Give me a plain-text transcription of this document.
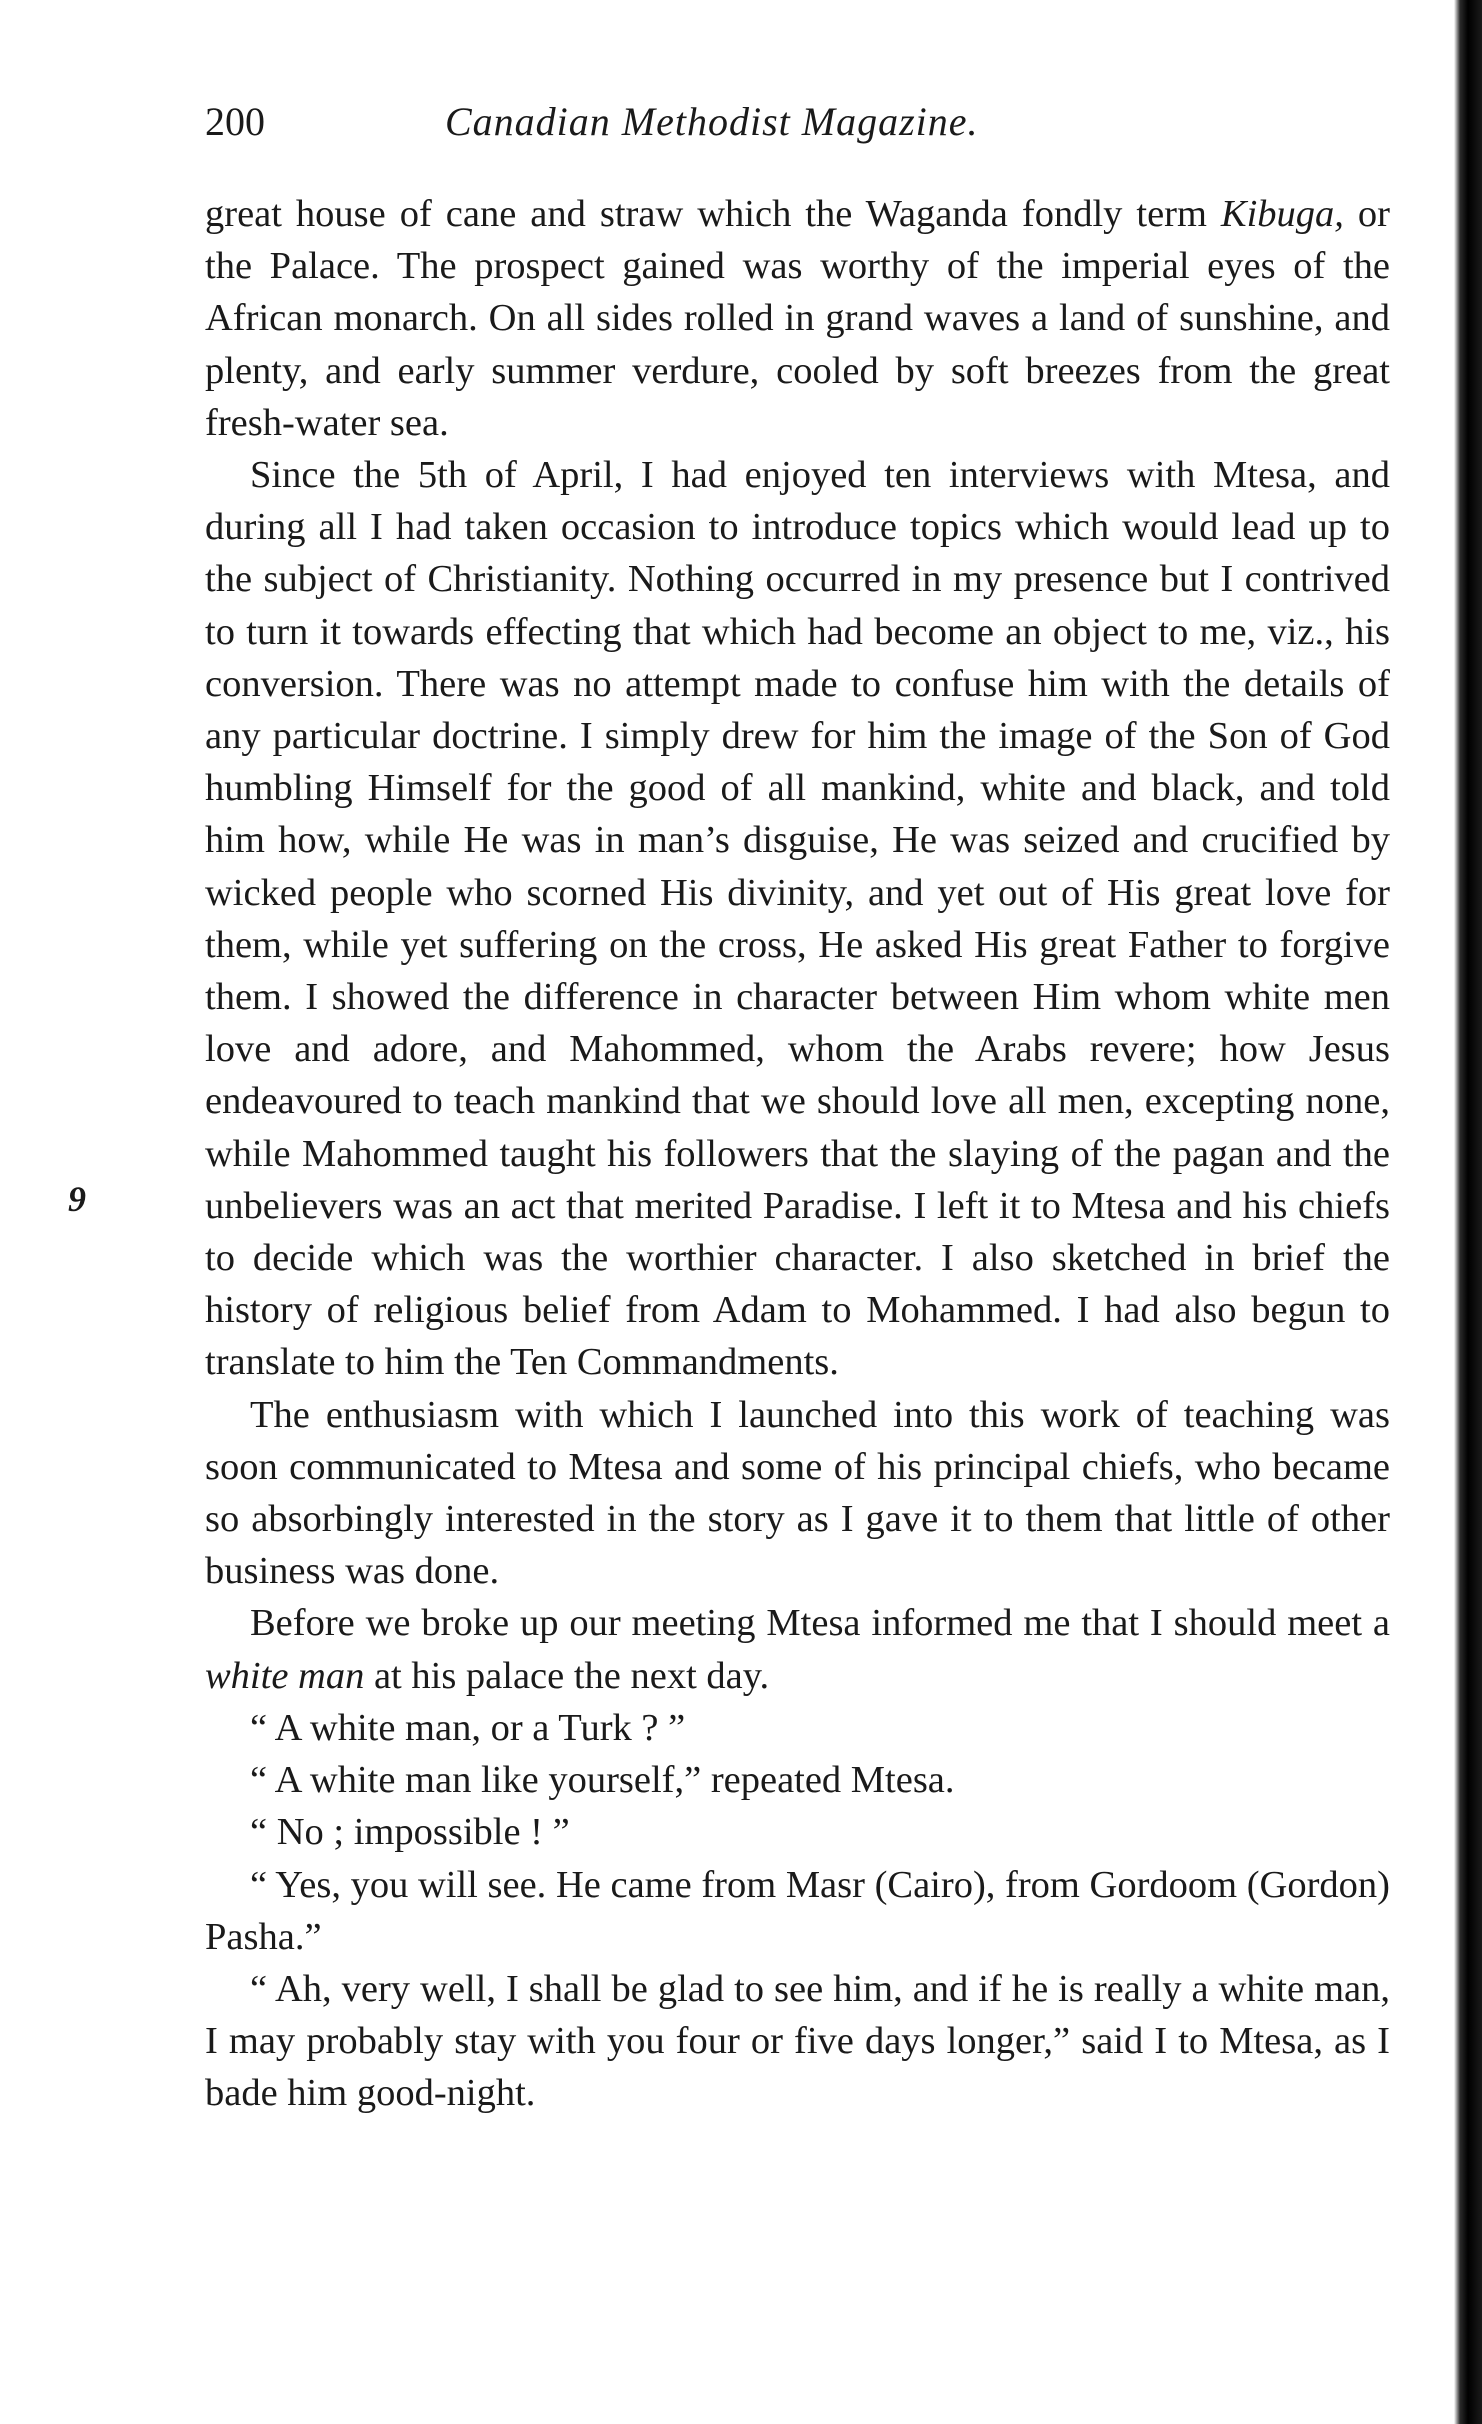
200	Canadian Methodist Magazine.

great house of cane and straw which the Waganda fondly term Kibuga, or the Palace. The prospect gained was worthy of the imperial eyes of the African monarch. On all sides rolled in grand waves a land of sunshine, and plenty, and early summer verdure, cooled by soft breezes from the great fresh-water sea.

Since the 5th of April, I had enjoyed ten interviews with Mtesa, and during all I had taken occasion to introduce topics which would lead up to the subject of Christianity. Nothing occurred in my presence but I contrived to turn it towards effecting that which had become an object to me, viz., his conversion. There was no attempt made to confuse him with the details of any particular doctrine. I simply drew for him the image of the Son of God humbling Himself for the good of all mankind, white and black, and told him how, while He was in man’s disguise, He was seized and crucified by wicked people who scorned His divinity, and yet out of His great love for them, while yet suffering on the cross, He asked His great Father to forgive them. I showed the difference in character between Him whom white men love and adore, and Mahommed, whom the Arabs revere; how Jesus endeavoured to teach mankind that we should love all men, excepting none, while Mahommed taught his followers that the slaying of the pagan and the unbelievers was an act that merited Paradise. I left it to Mtesa and his chiefs to decide which was the worthier character. I also sketched in brief the history of religious belief from Adam to Mohammed. I had also begun to translate to him the Ten Commandments.

The enthusiasm with which I launched into this work of teaching was soon communicated to Mtesa and some of his principal chiefs, who became so absorbingly interested in the story as I gave it to them that little of other business was done.

Before we broke up our meeting Mtesa informed me that I should meet a white man at his palace the next day.

“ A white man, or a Turk ? ”

“ A white man like yourself,” repeated Mtesa.

“ No ; impossible ! ”

“ Yes, you will see. He came from Masr (Cairo), from Gordoom (Gordon) Pasha.”

“ Ah, very well, I shall be glad to see him, and if he is really a white man, I may probably stay with you four or five days longer,” said I to Mtesa, as I bade him good-night.

9
